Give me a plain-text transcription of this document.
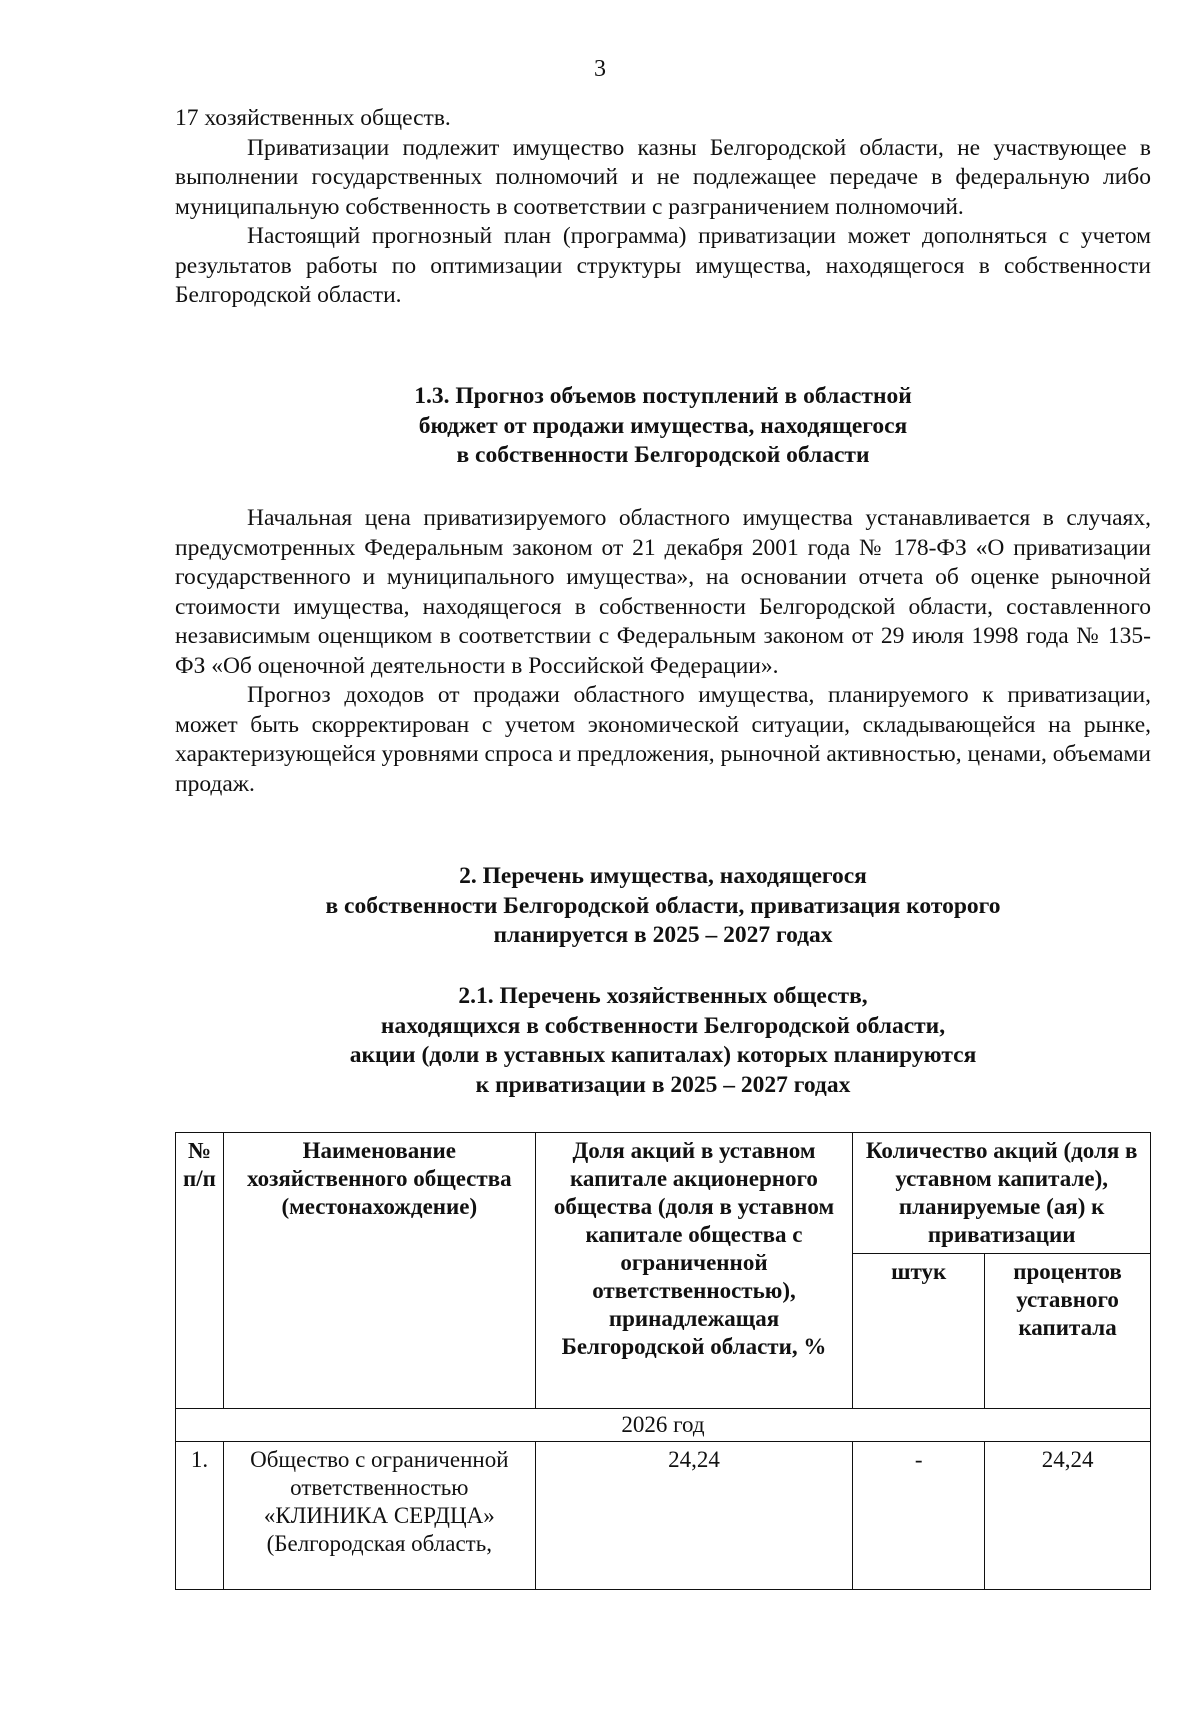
3

17 хозяйственных обществ.

Приватизации подлежит имущество казны Белгородской области, не участвующее в выполнении государственных полномочий и не подлежащее передаче в федеральную либо муниципальную собственность в соответствии с разграничением полномочий.

Настоящий прогнозный план (программа) приватизации может дополняться с учетом результатов работы по оптимизации структуры имущества, находящегося в собственности Белгородской области.

1.3. Прогноз объемов поступлений в областной

бюджет от продажи имущества, находящегося

в собственности Белгородской области

Начальная цена приватизируемого областного имущества устанавливается в случаях, предусмотренных Федеральным законом от 21 декабря 2001 года № 178-ФЗ «О приватизации государственного и муниципального имущества», на основании отчета об оценке рыночной стоимости имущества, находящегося в собственности Белгородской области, составленного независимым оценщиком в соответствии с Федеральным законом от 29 июля 1998 года № 135-ФЗ «Об оценочной деятельности в Российской Федерации».

Прогноз доходов от продажи областного имущества, планируемого к приватизации, может быть скорректирован с учетом экономической ситуации, складывающейся на рынке, характеризующейся уровнями спроса и предложения, рыночной активностью, ценами, объемами продаж.

2. Перечень имущества, находящегося

в собственности Белгородской области, приватизация которого

планируется в 2025 – 2027 годах

2.1. Перечень хозяйственных обществ,

находящихся в собственности Белгородской области,

акции (доли в уставных капиталах) которых планируются

к приватизации в 2025 – 2027 годах

№ п/п	Наименование хозяйственного общества (местонахождение)	Доля акций в уставном капитале акционерного общества (доля в уставном капитале общества с ограниченной ответственностью), принадлежащая Белгородской области, %	Количество акций (доля в уставном капитале), планируемые (ая) к приватизации	
			штук	процентов уставного капитала
2026 год				
1.	Общество с ограниченной ответственностью «КЛИНИКА СЕРДЦА» (Белгородская область,	24,24	-	24,24
